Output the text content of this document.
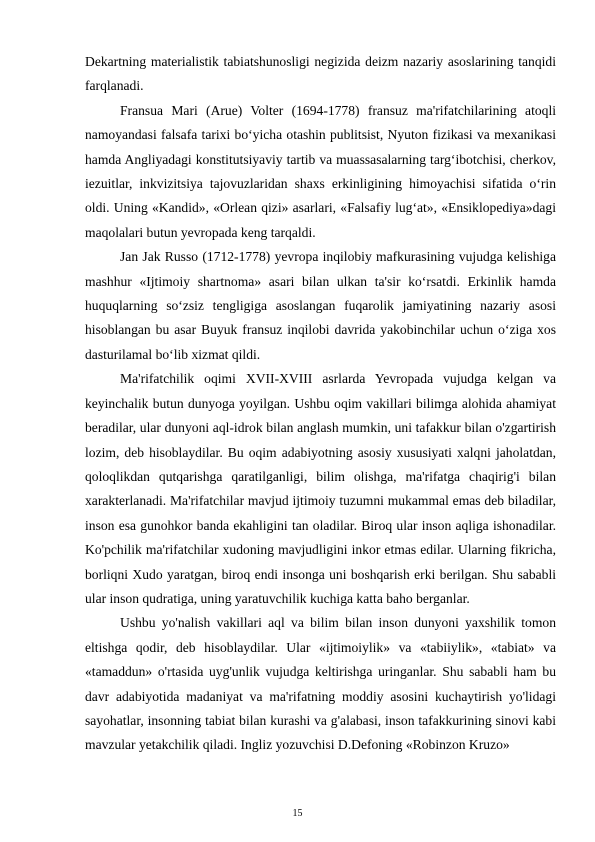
Dekartning materialistik tabiatshunosligi negizida deizm nazariy asoslarining tanqidi farqlanadi.

Fransua Mari (Arue) Volter (1694-1778) fransuz ma'rifatchilarining atoqli namoyandasi falsafa tarixi bo‘yicha otashin publitsist, Nyuton fizikasi va mexanikasi hamda Angliyadagi konstitutsiyaviy tartib va muassasalarning targ‘ibotchisi, cherkov, iezuitlar, inkvizitsiya tajovuzlaridan shaxs erkinligining himoyachisi sifatida o‘rin oldi. Uning «Kandid», «Orlean qizi» asarlari, «Falsafiy lug‘at», «Ensiklopediya»dagi maqolalari butun yevropada keng tarqaldi.

Jan Jak Russo (1712-1778) yevropa inqilobiy mafkurasining vujudga kelishiga mashhur «Ijtimoiy shartnoma» asari bilan ulkan ta'sir ko‘rsatdi. Erkinlik hamda huquqlarning so‘zsiz tengligiga asoslangan fuqarolik jamiyatining nazariy asosi hisoblangan bu asar Buyuk fransuz inqilobi davrida yakobinchilar uchun o‘ziga xos dasturilamal bo‘lib xizmat qildi.

Ma'rifatchilik oqimi XVII-XVIII asrlarda Yevropada vujudga kelgan va keyinchalik butun dunyoga yoyilgan. Ushbu oqim vakillari bilimga alohida ahamiyat beradilar, ular dunyoni aql-idrok bilan anglash mumkin, uni tafakkur bilan o'zgartirish lozim, deb hisoblaydilar. Bu oqim adabiyotning asosiy xususiyati xalqni jaholatdan, qoloqlikdan qutqarishga qaratilganligi, bilim olishga, ma'rifatga chaqirig'i bilan xarakterlanadi. Ma'rifatchilar mavjud ijtimoiy tuzumni mukammal emas deb biladilar, inson esa gunohkor banda ekahligini tan oladilar. Biroq ular inson aqliga ishonadilar. Ko'pchilik ma'rifatchilar xudoning mavjudligini inkor etmas edilar. Ularning fikricha, borliqni Xudo yaratgan, biroq endi insonga uni boshqarish erki berilgan. Shu sababli ular inson qudratiga, uning yaratuvchilik kuchiga katta baho berganlar.

Ushbu yo'nalish vakillari aql va bilim bilan inson dunyoni yaxshilik tomon eltishga qodir, deb hisoblaydilar. Ular «ijtimoiylik» va «tabiiylik», «tabiat» va «tamaddun» o'rtasida uyg'unlik vujudga keltirishga uringanlar. Shu sababli ham bu davr adabiyotida madaniyat va ma'rifatning moddiy asosini kuchaytirish yo'lidagi sayohatlar, insonning tabiat bilan kurashi va g'alabasi, inson tafakkurining sinovi kabi mavzular yetakchilik qiladi. Ingliz yozuvchisi D.Defoning «Robinzon Kruzo»

15
